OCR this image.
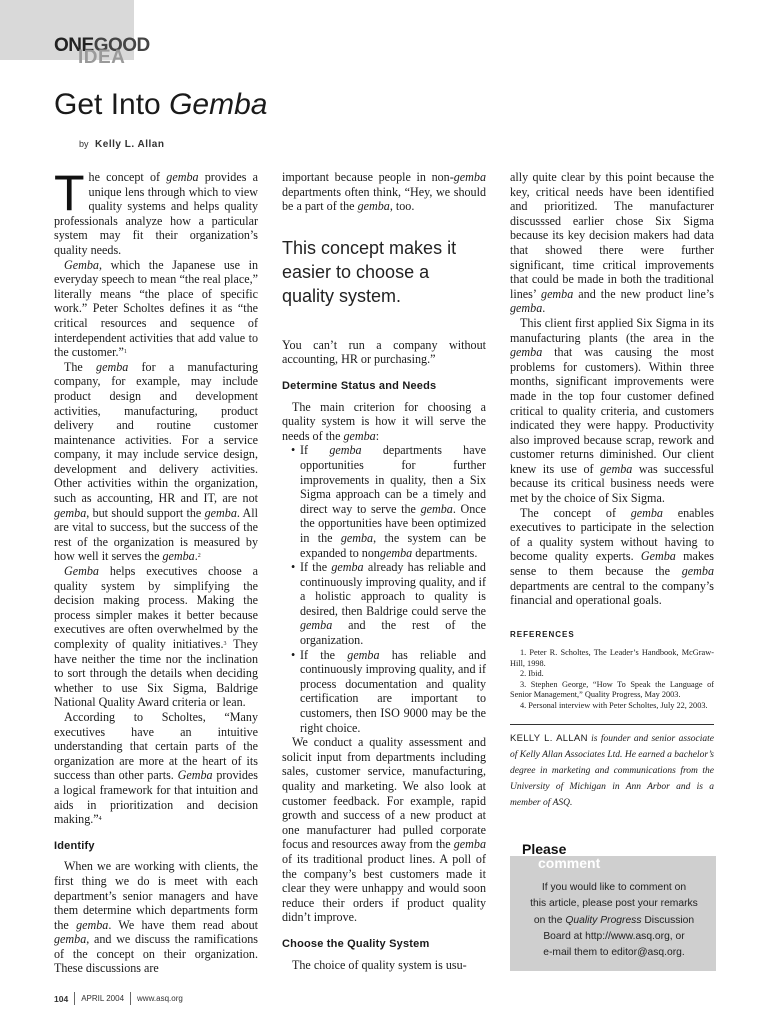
ONEGOOD
IDEA
Get Into Gemba
by Kelly L. Allan

The concept of gemba provides a unique lens through which to view quality systems and helps quality professionals analyze how a particular system may fit their organization’s quality needs.

Gemba, which the Japanese use in everyday speech to mean “the real place,” literally means “the place of specific work.” Peter Scholtes defines it as “the critical resources and sequence of interdependent activities that add value to the customer.”$^1$

The gemba for a manufacturing company, for example, may include product design and development activities, manufacturing, product delivery and routine customer maintenance activities. For a service company, it may include service design, development and delivery activities. Other activities within the organization, such as accounting, HR and IT, are not gemba, but should support the gemba. All are vital to success, but the success of the rest of the organization is measured by how well it serves the gemba.$^2$

Gemba helps executives choose a quality system by simplifying the decision making process. Making the process simpler makes it better because executives are often overwhelmed by the complexity of quality initiatives.$^3$ They have neither the time nor the inclination to sort through the details when deciding whether to use Six Sigma, Baldrige National Quality Award criteria or lean.

According to Scholtes, “Many executives have an intuitive understanding that certain parts of the organization are more at the heart of its success than other parts. Gemba provides a logical framework for that intuition and aids in prioritization and decision making.”$^4$

Identify

When we are working with clients, the first thing we do is meet with each department’s senior managers and have them determine which departments form the gemba. We have them read about gemba, and we discuss the ramifications of the concept on their organization. These discussions are

important because people in non-gemba departments often think, “Hey, we should be a part of the gemba, too.

This concept makes it easier to choose a quality system.

You can’t run a company without accounting, HR or purchasing.”

Determine Status and Needs

The main criterion for choosing a quality system is how it will serve the needs of the gemba:

• If gemba departments have opportunities for further improvements in quality, then a Six Sigma approach can be a timely and direct way to serve the gemba. Once the opportunities have been optimized in the gemba, the system can be expanded to nongemba departments.
• If the gemba already has reliable and continuously improving quality, and if a holistic approach to quality is desired, then Baldrige could serve the gemba and the rest of the organization.
• If the gemba has reliable and continuously improving quality, and if process documentation and quality certification are important to customers, then ISO 9000 may be the right choice.

We conduct a quality assessment and solicit input from departments including sales, customer service, manufacturing, quality and marketing. We also look at customer feedback. For example, rapid growth and success of a new product at one manufacturer had pulled corporate focus and resources away from the gemba of its traditional product lines. A poll of the company’s best customers made it clear they were unhappy and would soon reduce their orders if product quality didn’t improve.

Choose the Quality System

The choice of quality system is usu-

ally quite clear by this point because the key, critical needs have been identified and prioritized. The manufacturer discusssed earlier chose Six Sigma because its key decision makers had data that showed there were further significant, time critical improvements that could be made in both the traditional lines’ gemba and the new product line’s gemba.

This client first applied Six Sigma in its manufacturing plants (the area in the gemba that was causing the most problems for customers). Within three months, significant improvements were made in the top four customer defined critical to quality criteria, and customers indicated they were happy. Productivity also improved because scrap, rework and customer returns diminished. Our client knew its use of gemba was successful because its critical business needs were met by the choice of Six Sigma.

The concept of gemba enables executives to participate in the selection of a quality system without having to become quality experts. Gemba makes sense to them because the gemba departments are central to the company’s financial and operational goals.

REFERENCES
1. Peter R. Scholtes, The Leader’s Handbook, McGraw-Hill, 1998.
2. Ibid.
3. Stephen George, “How To Speak the Language of Senior Management,” Quality Progress, May 2003.
4. Personal interview with Peter Scholtes, July 22, 2003.

KELLY L. ALLAN is founder and senior associate of Kelly Allan Associates Ltd. He earned a bachelor’s degree in marketing and communications from the University of Michigan in Ann Arbor and is a member of ASQ.

Please
comment
If you would like to comment on
this article, please post your remarks
on the Quality Progress Discussion
Board at http://www.asq.org, or
e-mail them to editor@asq.org.
104 APRIL 2004 www.asq.org
